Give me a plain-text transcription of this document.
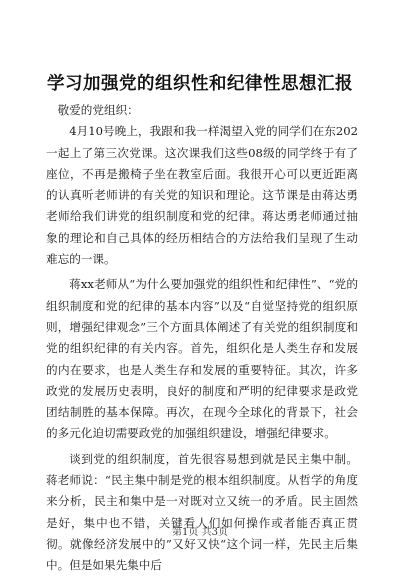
学习加强党的组织性和纪律性思想汇报

敬爱的党组织：

4月10号晚上，我跟和我一样渴望入党的同学们在东202一起上了第三次党课。这次课我们这些08级的同学终于有了座位，不再是搬椅子坐在教室后面。我很开心可以更近距离的认真听老师讲的有关党的知识和理论。这节课是由蒋达勇老师给我们讲党的组织制度和党的纪律。蒋达勇老师通过抽象的理论和自己具体的经历相结合的方法给我们呈现了生动难忘的一课。

蒋xx老师从“为什么要加强党的组织性和纪律性”、“党的组织制度和党的纪律的基本内容”以及“自觉坚持党的组织原则，增强纪律观念”三个方面具体阐述了有关党的组织制度和党的组织纪律的有关内容。首先，组织化是人类生存和发展的内在要求，也是人类生存和发展的重要特征。其次，许多政党的发展历史表明，良好的制度和严明的纪律要求是政党团结制胜的基本保障。再次，在现今全球化的背景下，社会的多元化迫切需要政党的加强组织建设，增强纪律要求。

谈到党的组织制度，首先很容易想到就是民主集中制。蒋老师说：“民主集中制是党的根本组织制度。从哲学的角度来分析，民主和集中是一对既对立又统一的矛盾。民主固然是好，集中也不错，关键看人们如何操作或者能否真正贯彻。就像经济发展中的”又好又快“这个词一样，先民主后集中。但是如果先集中后

第1页 共3页
